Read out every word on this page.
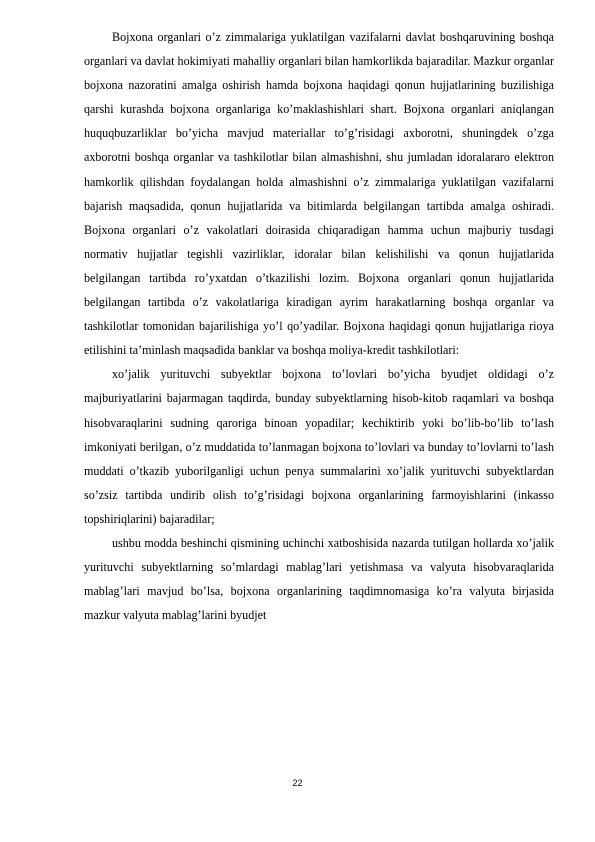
Bojxona organlari o’z zimmalariga yuklatilgan vazifalarni davlat boshqaruvining boshqa organlari va davlat hokimiyati mahalliy organlari bilan hamkorlikda bajaradilar. Mazkur organlar bojxona nazoratini amalga oshirish hamda bojxona haqidagi qonun hujjatlarining buzilishiga qarshi kurashda bojxona organlariga ko’maklashishlari shart. Bojxona organlari aniqlangan huquqbuzarliklar bo’yicha mavjud materiallar to’g’risidagi axborotni, shuningdek o’zga axborotni boshqa organlar va tashkilotlar bilan almashishni, shu jumladan idoralararo elektron hamkorlik qilishdan foydalangan holda almashishni o’z zimmalariga yuklatilgan vazifalarni bajarish maqsadida, qonun hujjatlarida va bitimlarda belgilangan tartibda amalga oshiradi. Bojxona organlari o’z vakolatlari doirasida chiqaradigan hamma uchun majburiy tusdagi normativ hujjatlar tegishli vazirliklar, idoralar bilan kelishilishi va qonun hujjatlarida belgilangan tartibda ro’yxatdan o’tkazilishi lozim. Bojxona organlari qonun hujjatlarida belgilangan tartibda o’z vakolatlariga kiradigan ayrim harakatlarning boshqa organlar va tashkilotlar tomonidan bajarilishiga yo’l qo’yadilar. Bojxona haqidagi qonun hujjatlariga rioya etilishini ta’minlash maqsadida banklar va boshqa moliya-kredit tashkilotlari:

xo’jalik yurituvchi subyektlar bojxona to’lovlari bo’yicha byudjet oldidagi o’z majburiyatlarini bajarmagan taqdirda, bunday subyektlarning hisob-kitob raqamlari va boshqa hisobvaraqlarini sudning qaroriga binoan yopadilar; kechiktirib yoki bo’lib-bo’lib to’lash imkoniyati berilgan, o’z muddatida to’lanmagan bojxona to’lovlari va bunday to’lovlarni to’lash muddati o’tkazib yuborilganligi uchun penya summalarini xo’jalik yurituvchi subyektlardan so’zsiz tartibda undirib olish to’g’risidagi bojxona organlarining farmoyishlarini (inkasso topshiriqlarini) bajaradilar;

ushbu modda beshinchi qismining uchinchi xatboshisida nazarda tutilgan hollarda xo’jalik yurituvchi subyektlarning so’mlardagi mablag’lari yetishmasa va valyuta hisobvaraqlarida mablag’lari mavjud bo’lsa, bojxona organlarining taqdimnomasiga ko’ra valyuta birjasida mazkur valyuta mablag’larini byudjet

22
